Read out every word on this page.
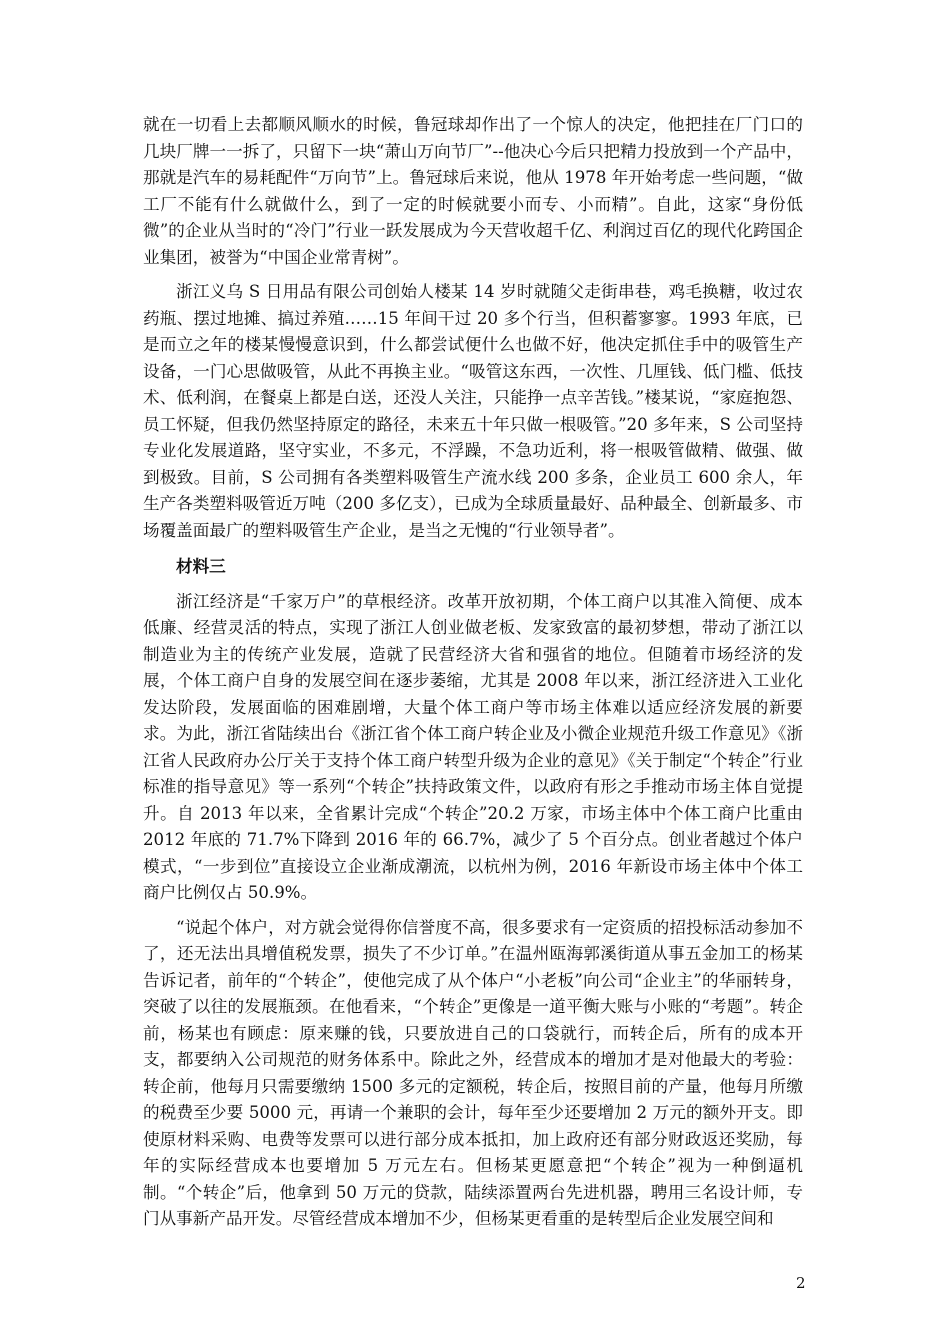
就在一切看上去都顺风顺水的时候，鲁冠球却作出了一个惊人的决定，他把挂在厂门口的几块厂牌一一拆了，只留下一块“萧山万向节厂”--他决心今后只把精力投放到一个产品中，那就是汽车的易耗配件“万向节”上。鲁冠球后来说，他从 1978 年开始考虑一些问题，“做工厂不能有什么就做什么，到了一定的时候就要小而专、小而精”。自此，这家“身份低微”的企业从当时的“冷门”行业一跃发展成为今天营收超千亿、利润过百亿的现代化跨国企业集团，被誉为“中国企业常青树”。

浙江义乌 S 日用品有限公司创始人楼某 14 岁时就随父走街串巷，鸡毛换糖，收过农药瓶、摆过地摊、搞过养殖……15 年间干过 20 多个行当，但积蓄寥寥。1993 年底，已是而立之年的楼某慢慢意识到，什么都尝试便什么也做不好，他决定抓住手中的吸管生产设备，一门心思做吸管，从此不再换主业。“吸管这东西，一次性、几厘钱、低门槛、低技术、低利润，在餐桌上都是白送，还没人关注，只能挣一点辛苦钱。”楼某说，“家庭抱怨、员工怀疑，但我仍然坚持原定的路径，未来五十年只做一根吸管。”20 多年来，S 公司坚持专业化发展道路，坚守实业，不多元，不浮躁，不急功近利，将一根吸管做精、做强、做到极致。目前，S 公司拥有各类塑料吸管生产流水线 200 多条，企业员工 600 余人，年生产各类塑料吸管近万吨（200 多亿支），已成为全球质量最好、品种最全、创新最多、市场覆盖面最广的塑料吸管生产企业，是当之无愧的“行业领导者”。

材料三

浙江经济是“千家万户”的草根经济。改革开放初期，个体工商户以其准入简便、成本低廉、经营灵活的特点，实现了浙江人创业做老板、发家致富的最初梦想，带动了浙江以制造业为主的传统产业发展，造就了民营经济大省和强省的地位。但随着市场经济的发展，个体工商户自身的发展空间在逐步萎缩，尤其是 2008 年以来，浙江经济进入工业化发达阶段，发展面临的困难剧增，大量个体工商户等市场主体难以适应经济发展的新要求。为此，浙江省陆续出台《浙江省个体工商户转企业及小微企业规范升级工作意见》《浙江省人民政府办公厅关于支持个体工商户转型升级为企业的意见》《关于制定“个转企”行业标准的指导意见》等一系列“个转企”扶持政策文件，以政府有形之手推动市场主体自觉提升。自 2013 年以来，全省累计完成“个转企”20.2 万家，市场主体中个体工商户比重由 2012 年底的 71.7%下降到 2016 年的 66.7%，减少了 5 个百分点。创业者越过个体户模式，“一步到位”直接设立企业渐成潮流，以杭州为例，2016 年新设市场主体中个体工商户比例仅占 50.9%。

“说起个体户，对方就会觉得你信誉度不高，很多要求有一定资质的招投标活动参加不了，还无法出具增值税发票，损失了不少订单。”在温州瓯海郭溪街道从事五金加工的杨某告诉记者，前年的“个转企”，使他完成了从个体户“小老板”向公司“企业主”的华丽转身，突破了以往的发展瓶颈。在他看来，“个转企”更像是一道平衡大账与小账的“考题”。转企前，杨某也有顾虑：原来赚的钱，只要放进自己的口袋就行，而转企后，所有的成本开支，都要纳入公司规范的财务体系中。除此之外，经营成本的增加才是对他最大的考验：转企前，他每月只需要缴纳 1500 多元的定额税，转企后，按照目前的产量，他每月所缴的税费至少要 5000 元，再请一个兼职的会计，每年至少还要增加 2 万元的额外开支。即使原材料采购、电费等发票可以进行部分成本抵扣，加上政府还有部分财政返还奖励，每年的实际经营成本也要增加 5 万元左右。但杨某更愿意把“个转企”视为一种倒逼机制。“个转企”后，他拿到 50 万元的贷款，陆续添置两台先进机器，聘用三名设计师，专门从事新产品开发。尽管经营成本增加不少，但杨某更看重的是转型后企业发展空间和

2
